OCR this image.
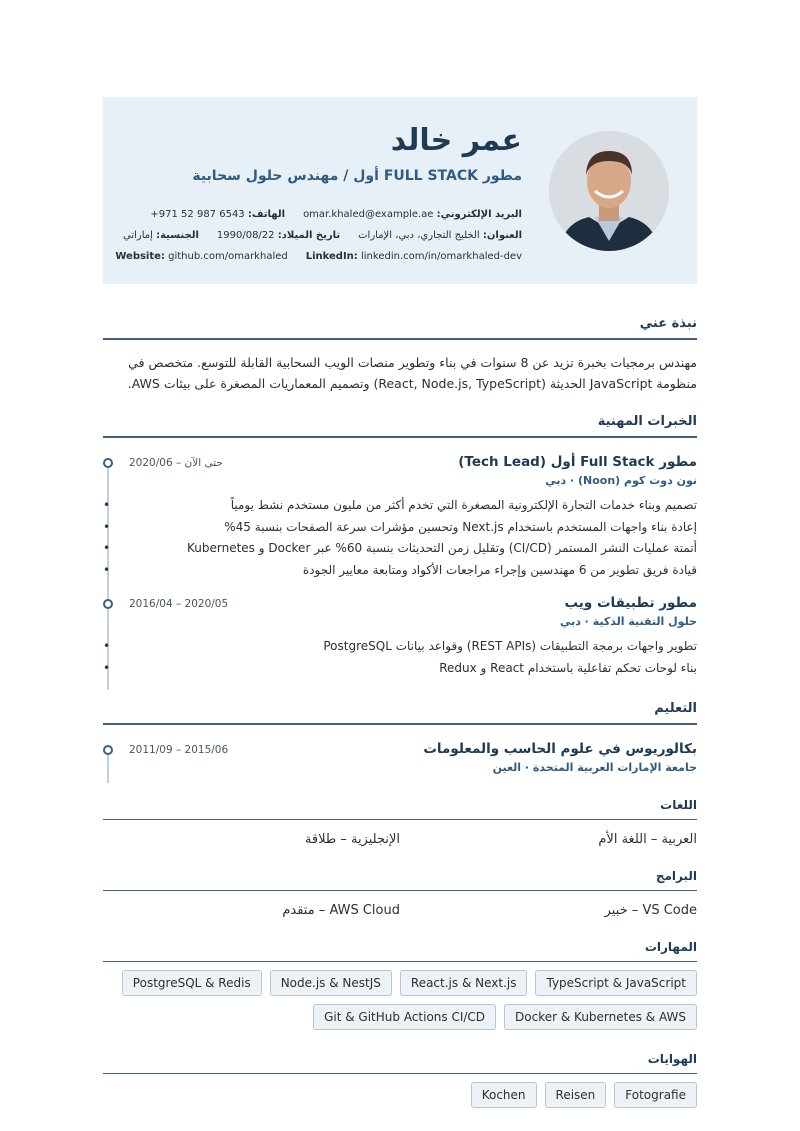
عمر خالد
مطور FULL STACK أول / مهندس حلول سحابية
البريد الإلكتروني: omar.khaled@example.ae
الهاتف: +971 52 987 6543
العنوان: الخليج التجاري، دبي، الإمارات
تاريخ الميلاد: 1990/08/22
الجنسية: إماراتي
LinkedIn: linkedin.com/in/omarkhaled-dev
Website: github.com/omarkhaled
نبذة عني

مهندس برمجيات بخبرة تزيد عن 8 سنوات في بناء وتطوير منصات الويب السحابية القابلة للتوسع. متخصص في منظومة JavaScript الحديثة (React, Node.js, TypeScript) وتصميم المعماريات المصغرة على بيئات AWS.

الخبرات المهنية
مطور Full Stack أول (Tech Lead)
2020/06 – حتى الآن
نون دوت كوم (Noon) · دبي
تصميم وبناء خدمات التجارة الإلكترونية المصغرة التي تخدم أكثر من مليون مستخدم نشط يومياً •
إعادة بناء واجهات المستخدم باستخدام Next.js وتحسين مؤشرات سرعة الصفحات بنسبة 45% •
أتمتة عمليات النشر المستمر (CI/CD) وتقليل زمن التحديثات بنسبة 60% عبر Docker و Kubernetes •
قيادة فريق تطوير من 6 مهندسين وإجراء مراجعات الأكواد ومتابعة معايير الجودة •
مطور تطبيقات ويب
2016/04 – 2020/05
حلول التقنية الذكية · دبي
تطوير واجهات برمجة التطبيقات (REST APIs) وقواعد بيانات PostgreSQL •
بناء لوحات تحكم تفاعلية باستخدام React و Redux •
التعليم
بكالوريوس في علوم الحاسب والمعلومات
2011/09 – 2015/06
جامعة الإمارات العربية المتحدة · العين
اللغات
العربية – اللغة الأم
الإنجليزية – طلاقة
البرامج
VS Code – خبير
AWS Cloud – متقدم
المهارات
TypeScript & JavaScript
React.js & Next.js
Node.js & NestJS
PostgreSQL & Redis
Docker & Kubernetes & AWS
Git & GitHub Actions CI/CD
الهوايات
Fotografie
Reisen
Kochen
